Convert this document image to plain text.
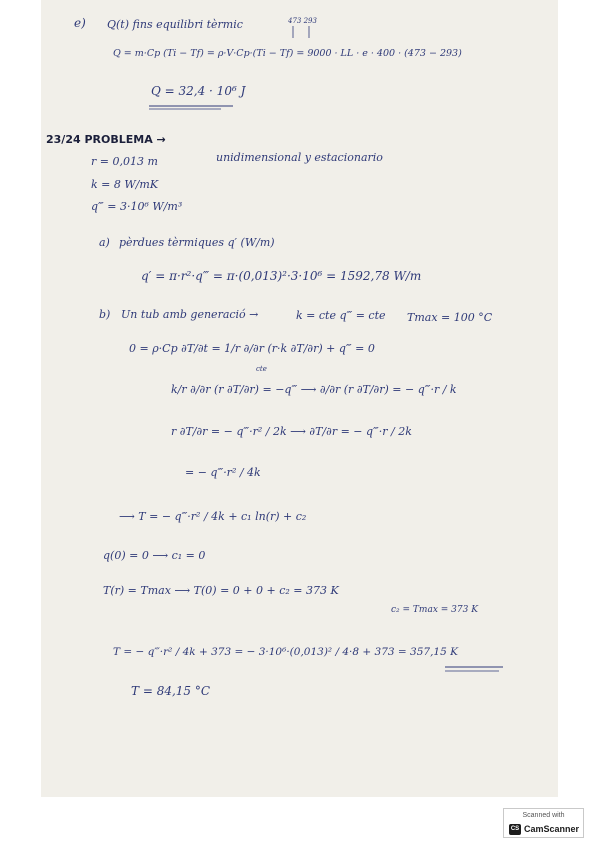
e) Q(t) fins equilibri tèrmic	473 293
Q = m·Cp (Ti − Tf) = ρ·V·Cp·(Ti − Tf) = 9000 · LL · e · 400 · (473 − 293)
Q = 32,4 · 10⁶ J
23/24 PROBLEMA →
r = 0,013 m
k = 8 W/mK
q‴ = 3·10⁶ W/m³
unidimensional y estacionario
a) pèrdues tèrmiques q′ (W/m)
q′ = π·r²·q‴ = π·(0,013)²·3·10⁶ = 1592,78 W/m
b) Un tub amb generació →	k = cte q‴ = cte Tmax = 100 °C
0 = ρ·Cp ∂T/∂t = 1/r ∂/∂r (r·k ∂T/∂r) + q‴ = 0
cte
k/r ∂/∂r (r ∂T/∂r) = −q‴ ⟶ ∂/∂r (r ∂T/∂r) = − q‴·r / k
r ∂T/∂r = − q‴·r² / 2k ⟶ ∂T/∂r = − q‴·r / 2k
= − q‴·r² / 4k
⟶ T = − q‴·r² / 4k + c₁ ln(r) + c₂
q(0) = 0 ⟶ c₁ = 0
T(r) = Tmax ⟶ T(0) = 0 + 0 + c₂ = 373 K
c₂ = Tmax = 373 K
T = − q‴·r² / 4k + 373 = − 3·10⁶·(0,013)² / 4·8 + 373 = 357,15 K
T = 84,15 °C
Scanned with
CS CamScanner
